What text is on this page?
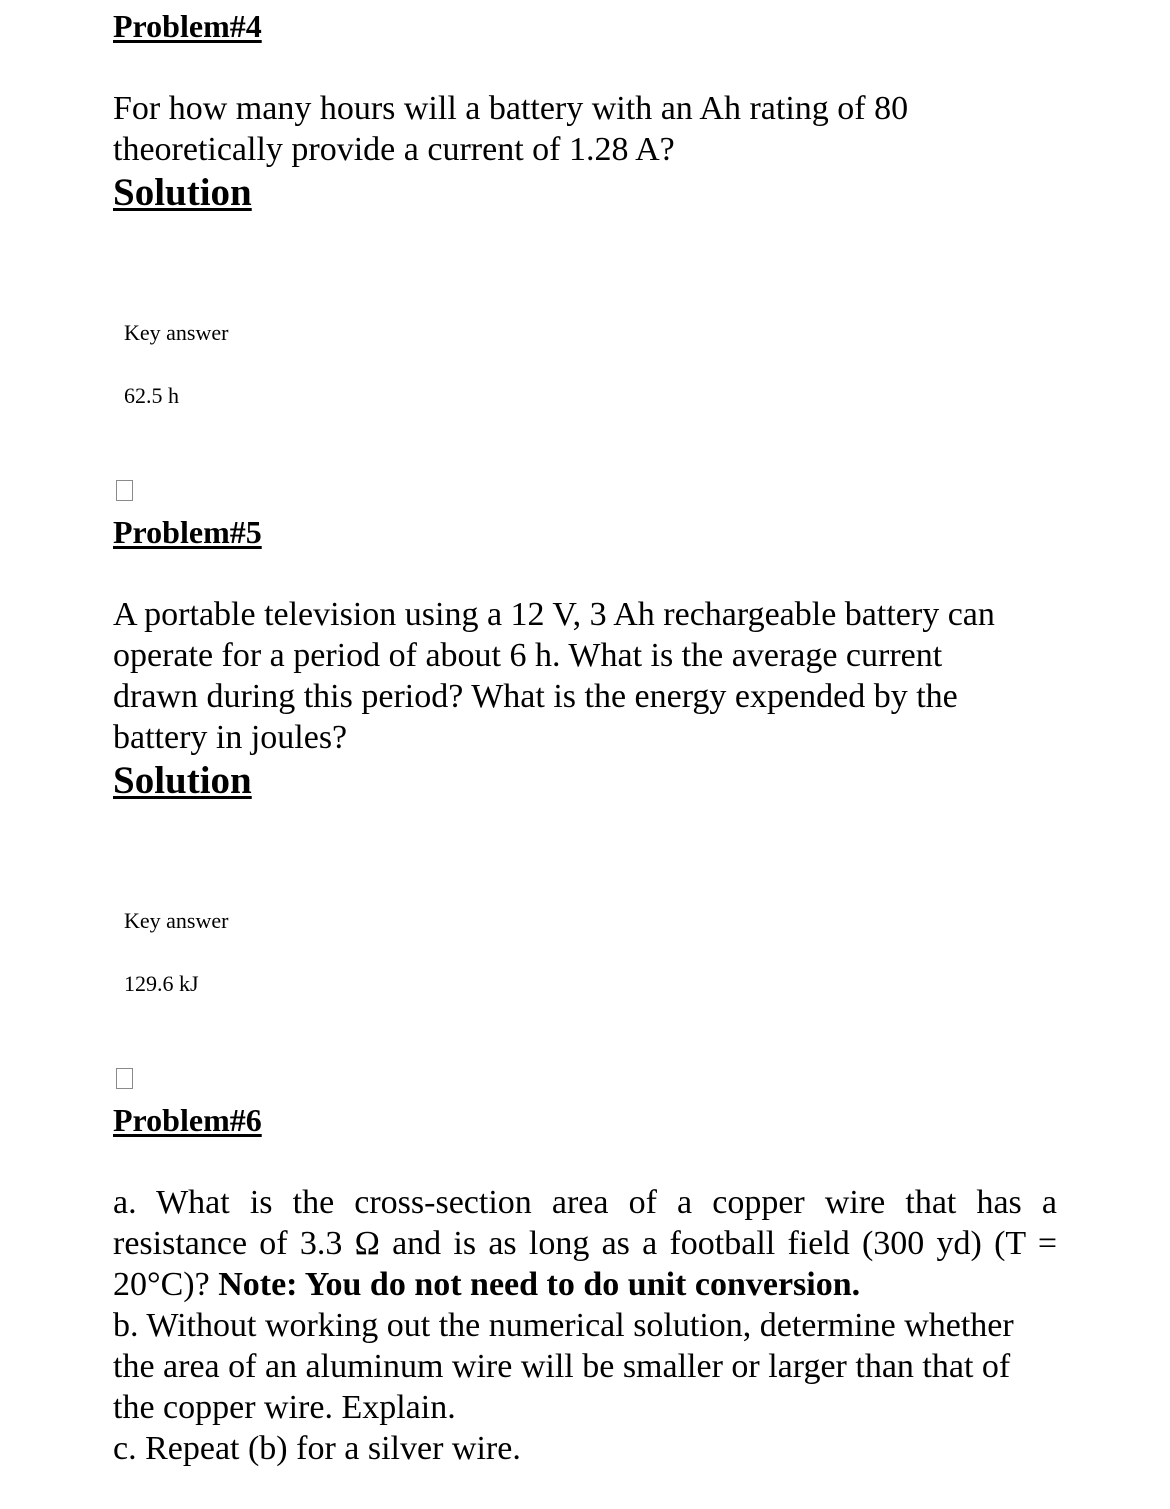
Problem#4
For how many hours will a battery with an Ah rating of 80
theoretically provide a current of 1.28 A?
Solution
Key answer
62.5 h
Problem#5
A portable television using a 12 V, 3 Ah rechargeable battery can
operate for a period of about 6 h. What is the average current
drawn during this period? What is the energy expended by the
battery in joules?
Solution
Key answer
129.6 kJ
Problem#6
a. What is the cross-section area of a copper wire that has a
resistance of 3.3 Ω and is as long as a football field (300 yd) (T =
20°C)? Note: You do not need to do unit conversion.
b. Without working out the numerical solution, determine whether
the area of an aluminum wire will be smaller or larger than that of
the copper wire. Explain.
c. Repeat (b) for a silver wire.
